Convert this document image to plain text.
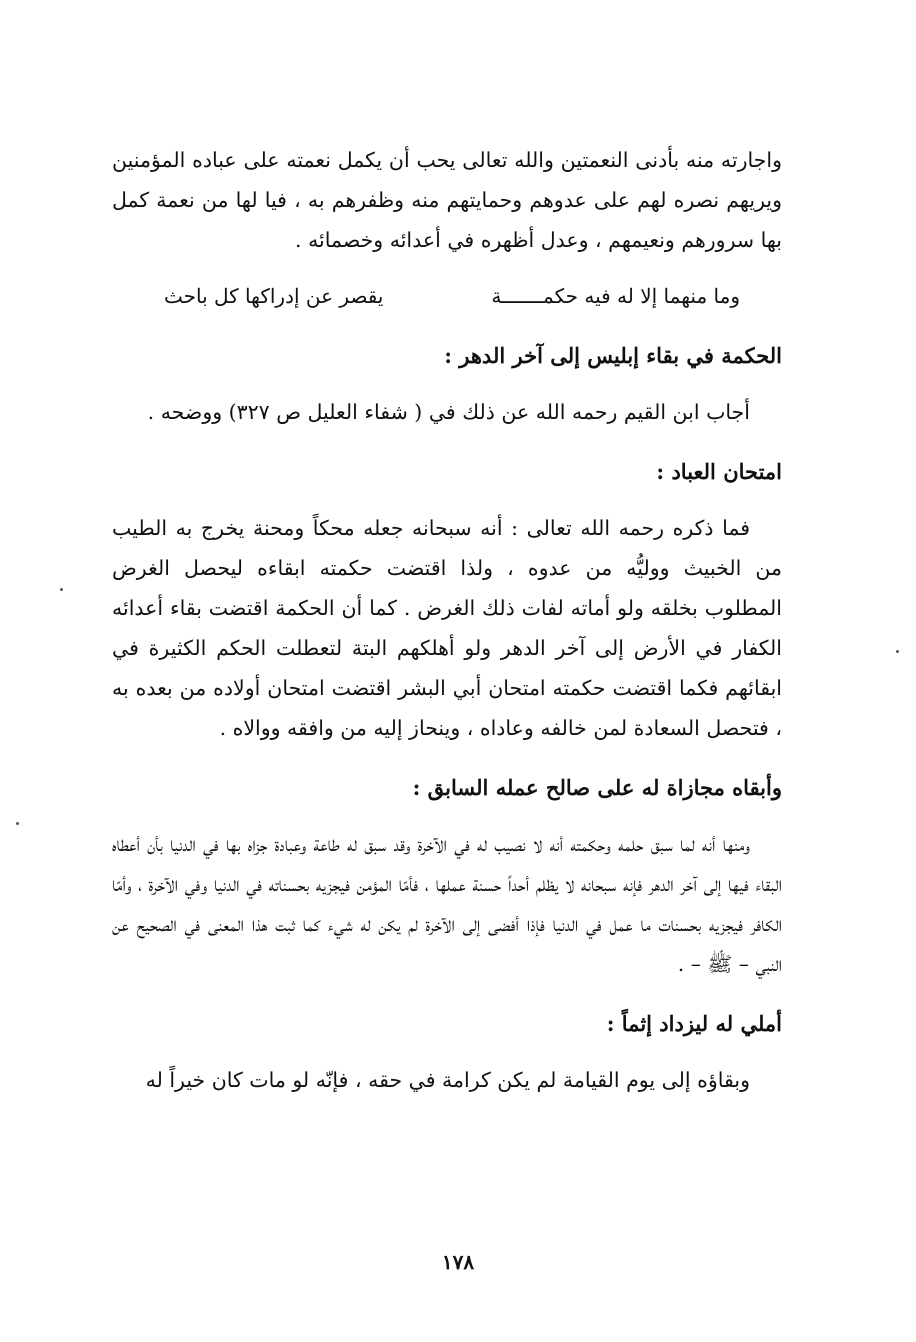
واجارته منه بأدنى النعمتين والله تعالى يحب أن يكمل نعمته على عباده المؤمنين ويريهم نصره لهم على عدوهم وحمايتهم منه وظفرهم به ، فيا لها من نعمة كمل بها سرورهم ونعيمهم ، وعدل أظهره في أعدائه وخصمائه .

وما منهما إلا له فيه حكمـــــــة
يقصر عن إدراكها كل باحث

الحكمة في بقاء إبليس إلى آخر الدهر :

أجاب ابن القيم رحمه الله عن ذلك في ( شفاء العليل ص ٣٢٧) ووضحه .

امتحان العباد :

فما ذكره رحمه الله تعالى : أنه سبحانه جعله محكاً ومحنة يخرج به الطيب من الخبيث ووليُّه من عدوه ، ولذا اقتضت حكمته ابقاءه ليحصل الغرض المطلوب بخلقه ولو أماته لفات ذلك الغرض . كما أن الحكمة اقتضت بقاء أعدائه الكفار في الأرض إلى آخر الدهر ولو أهلكهم البتة لتعطلت الحكم الكثيرة في ابقائهم فكما اقتضت حكمته امتحان أبي البشر اقتضت امتحان أولاده من بعده به ، فتحصل السعادة لمن خالفه وعاداه ، وينحاز إليه من وافقه ووالاه .

وأبقاه مجازاة له على صالح عمله السابق :

ومنها أنه لما سبق حلمه وحكمته أنه لا نصيب له في الآخرة وقد سبق له طاعة وعبادة جزاه بها في الدنيا بأن أعطاه البقاء فيها إلى آخر الدهر فإنه سبحانه لا يظلم أحداً حسنة عملها ، فأمّا المؤمن فيجزيه بحسناته في الدنيا وفي الآخرة ، وأمّا الكافر فيجزيه بحسنات ما عمل في الدنيا فإذا أفضى إلى الآخرة لم يكن له شيء كما ثبت هذا المعنى في الصحيح عن النبي – ﷺ – .

أملي له ليزداد إثماً :

وبقاؤه إلى يوم القيامة لم يكن كرامة في حقه ، فإنّه لو مات كان خيراً له

١٧٨
